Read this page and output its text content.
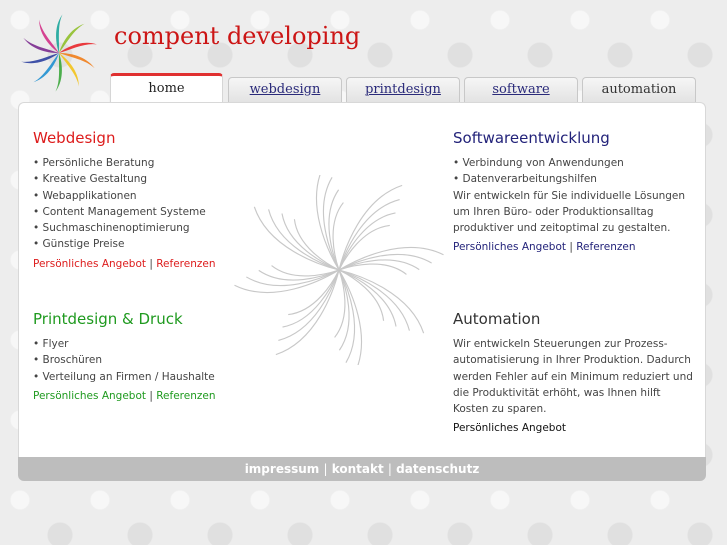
compent developing
home	webdesign	printdesign	software	automation
Webdesign
• Persönliche Beratung
• Kreative Gestaltung
• Webapplikationen
• Content Management Systeme
• Suchmaschinenoptimierung
• Günstige Preise
Persönliches Angebot | Referenzen
Printdesign & Druck
• Flyer
• Broschüren
• Verteilung an Firmen / Haushalte
Persönliches Angebot | Referenzen
Softwareentwicklung
• Verbindung von Anwendungen
• Datenverarbeitungshilfen

Wir entwickeln für Sie individuelle Lösungen um Ihren Büro- oder Produktionsalltag produktiver und zeitoptimal zu gestalten.

Persönliches Angebot | Referenzen
Automation

Wir entwickeln Steuerungen zur Prozess-automatisierung in Ihrer Produktion. Dadurch werden Fehler auf ein Minimum reduziert und die Produktivität erhöht, was Ihnen hilft Kosten zu sparen.

Persönliches Angebot
impressum | kontakt | datenschutz
